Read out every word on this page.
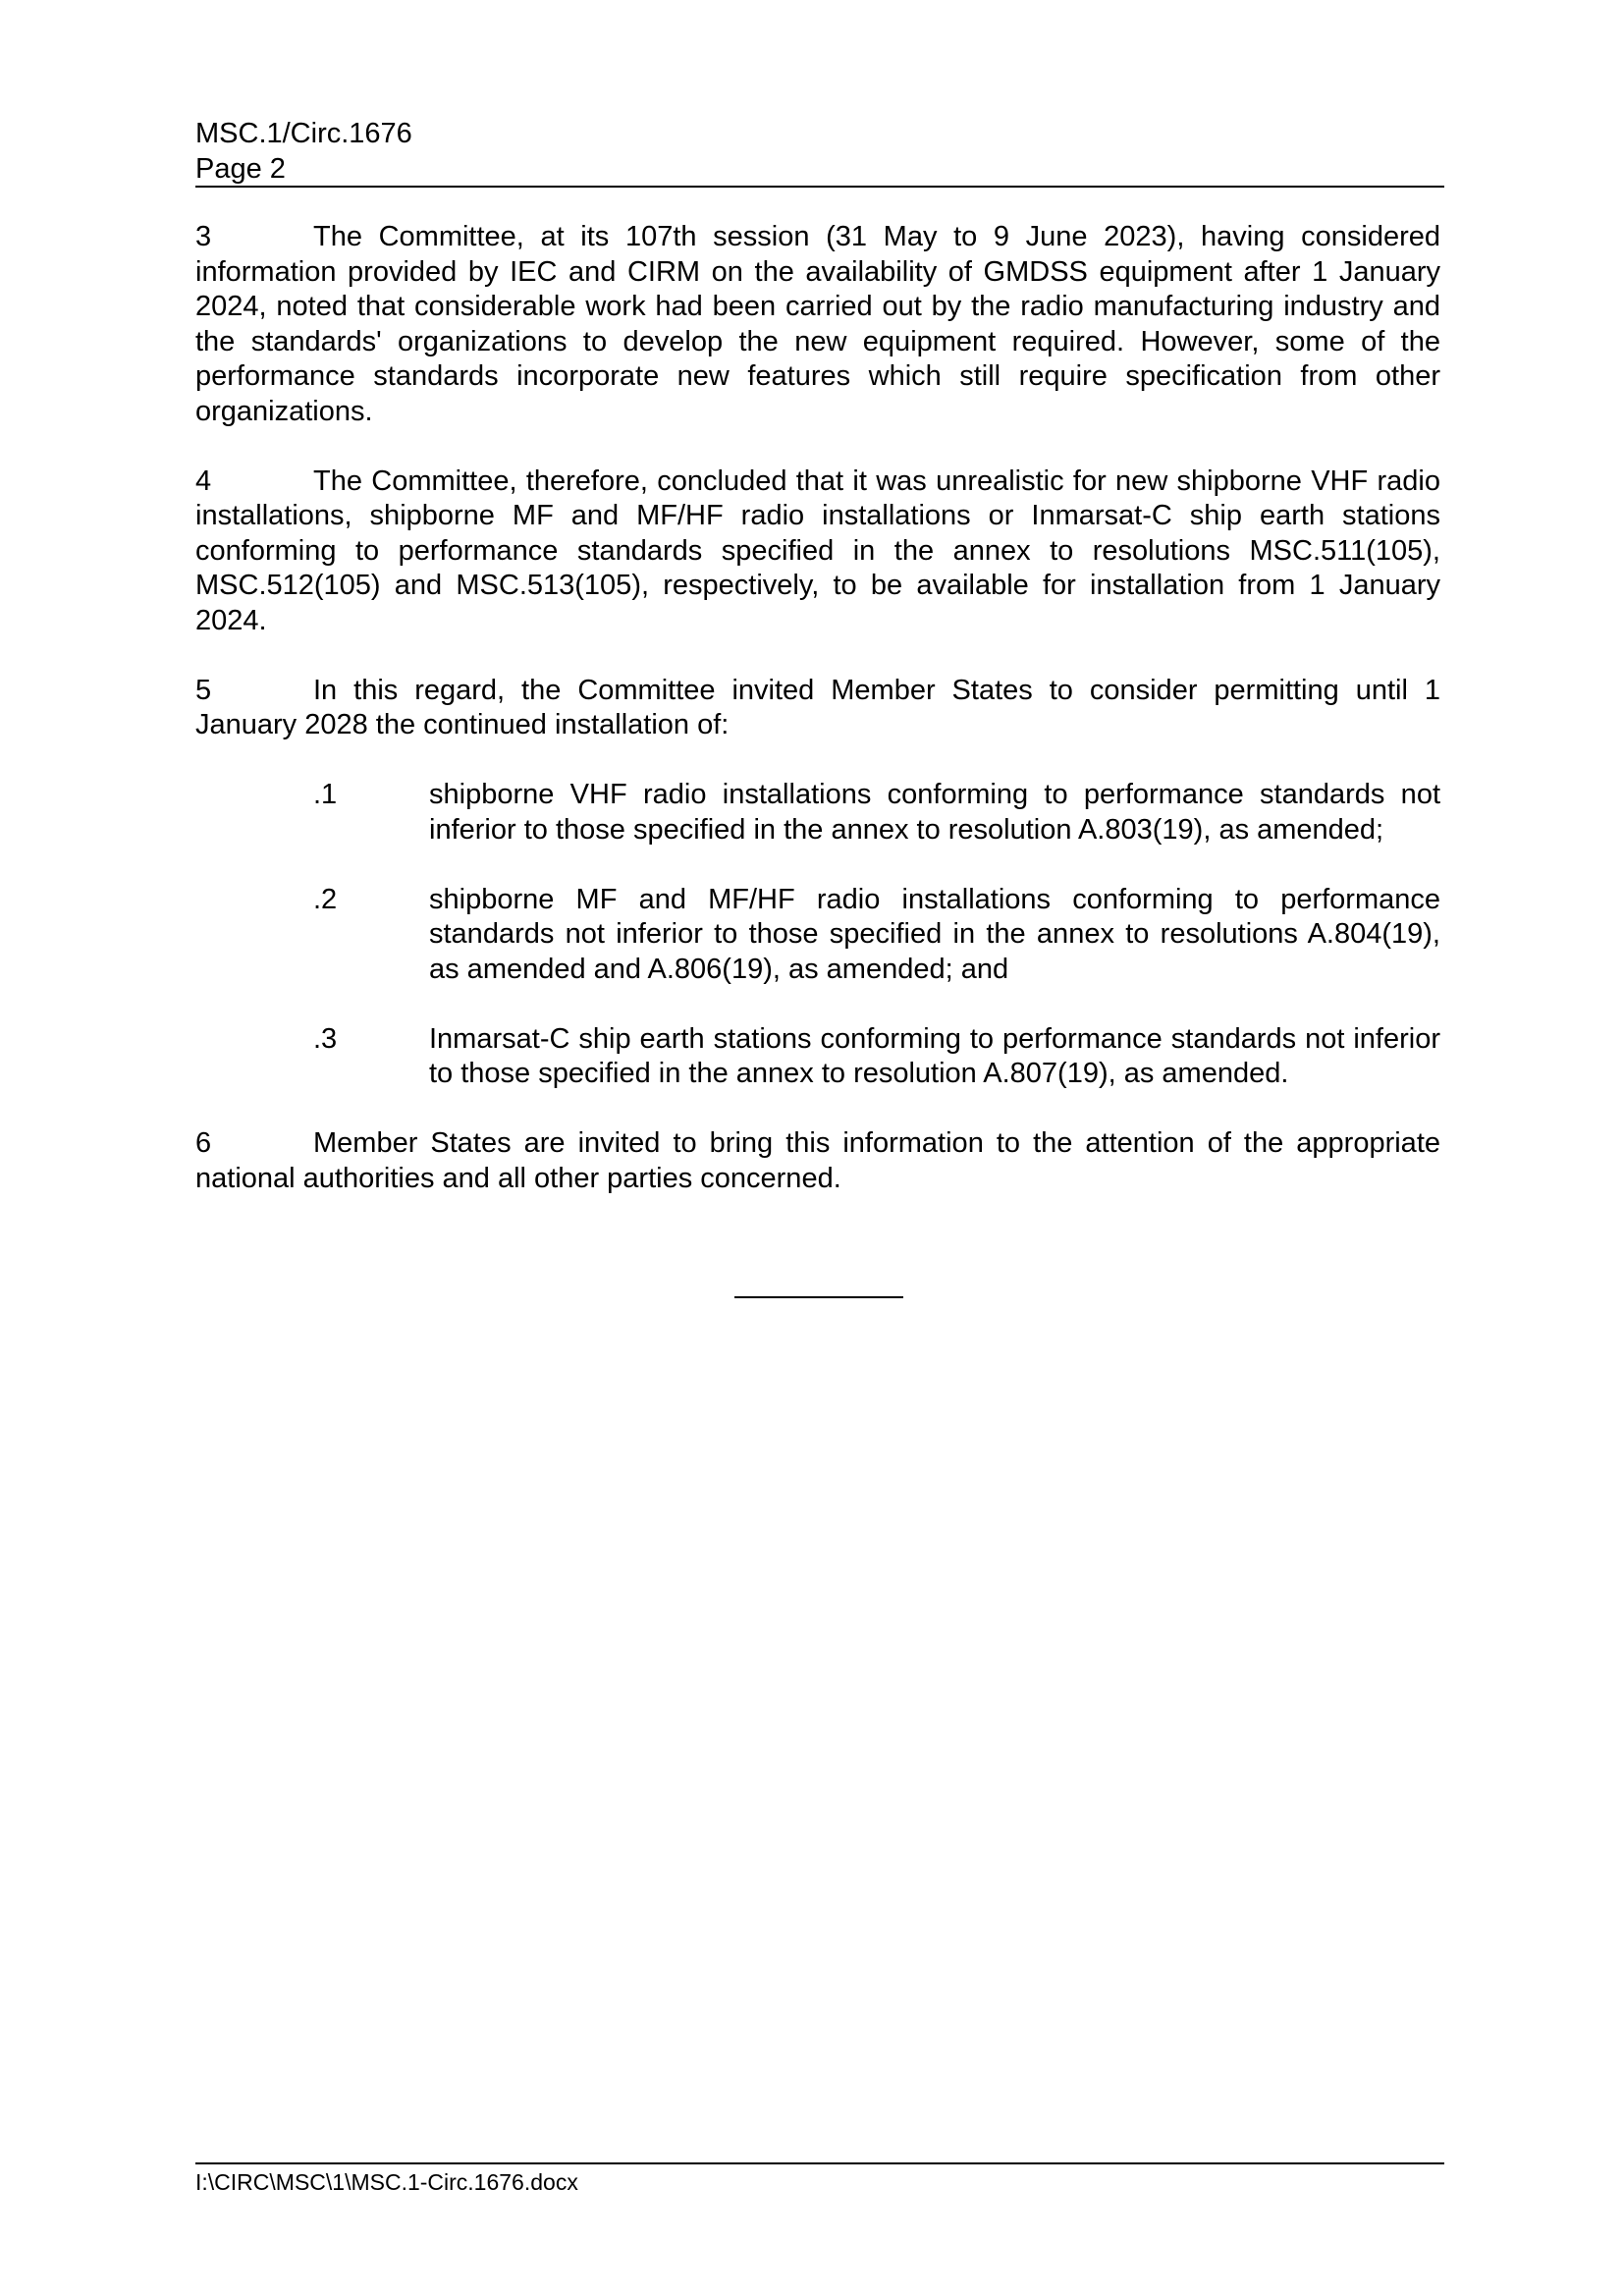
MSC.1/Circ.1676
Page 2

3	The Committee, at its 107th session (31 May to 9 June 2023), having considered information provided by IEC and CIRM on the availability of GMDSS equipment after 1 January 2024, noted that considerable work had been carried out by the radio manufacturing industry and the standards' organizations to develop the new equipment required. However, some of the performance standards incorporate new features which still require specification from other organizations.

4	The Committee, therefore, concluded that it was unrealistic for new shipborne VHF radio installations, shipborne MF and MF/HF radio installations or Inmarsat-C ship earth stations conforming to performance standards specified in the annex to resolutions MSC.511(105), MSC.512(105) and MSC.513(105), respectively, to be available for installation from 1 January 2024.

5	In this regard, the Committee invited Member States to consider permitting until 1 January 2028 the continued installation of:

.1	shipborne VHF radio installations conforming to performance standards not inferior to those specified in the annex to resolution A.803(19), as amended;
.2	shipborne MF and MF/HF radio installations conforming to performance standards not inferior to those specified in the annex to resolutions A.804(19), as amended and A.806(19), as amended; and
.3	Inmarsat-C ship earth stations conforming to performance standards not inferior to those specified in the annex to resolution A.807(19), as amended.

6	Member States are invited to bring this information to the attention of the appropriate national authorities and all other parties concerned.

I:\CIRC\MSC\1\MSC.1-Circ.1676.docx
